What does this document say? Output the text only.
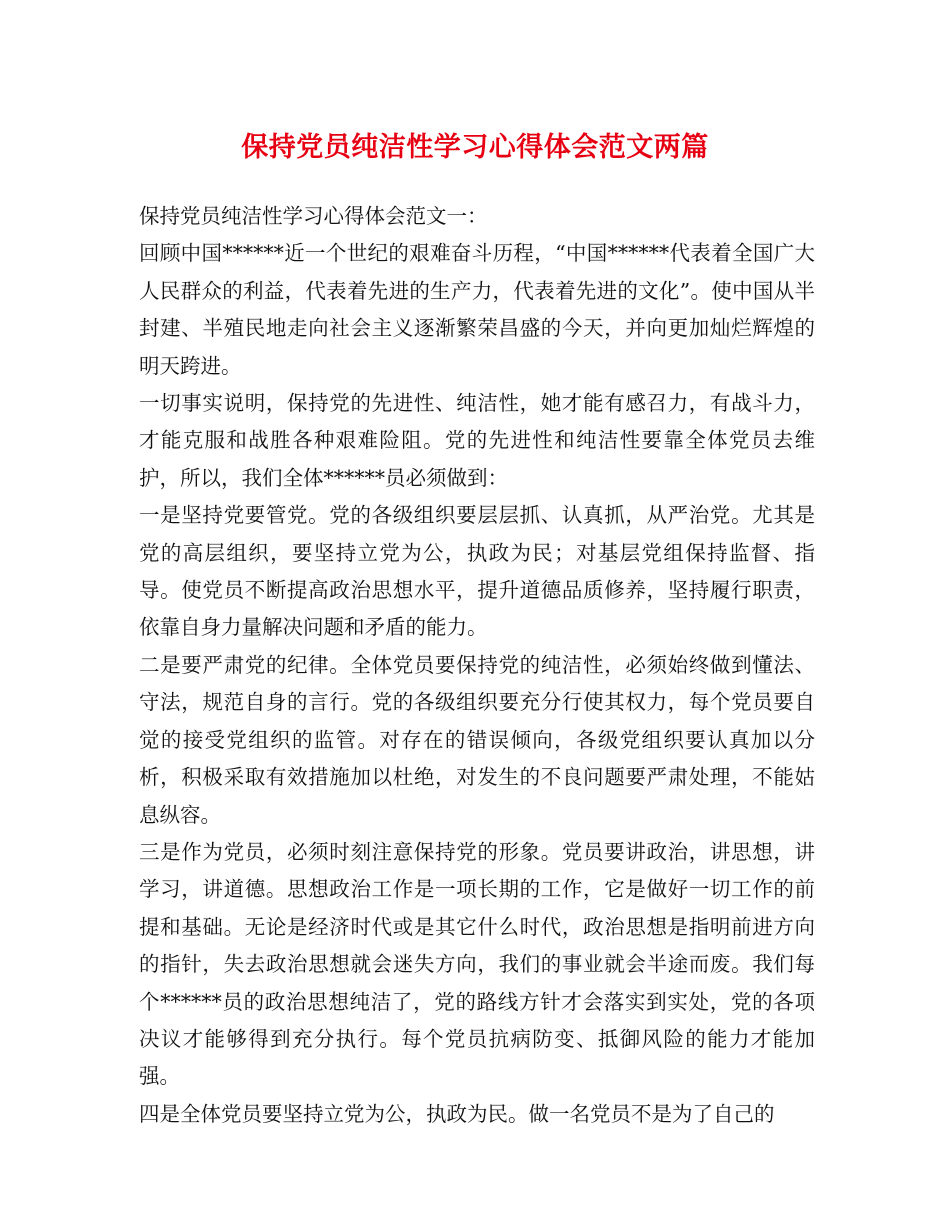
保持党员纯洁性学习心得体会范文两篇

保持党员纯洁性学习心得体会范文一：

回顾中国******近一个世纪的艰难奋斗历程，“中国******代表着全国广大人民群众的利益，代表着先进的生产力，代表着先进的文化”。使中国从半封建、半殖民地走向社会主义逐渐繁荣昌盛的今天，并向更加灿烂辉煌的明天跨进。

一切事实说明，保持党的先进性、纯洁性，她才能有感召力，有战斗力，才能克服和战胜各种艰难险阻。党的先进性和纯洁性要靠全体党员去维护，所以，我们全体******员必须做到：

一是坚持党要管党。党的各级组织要层层抓、认真抓，从严治党。尤其是党的高层组织，要坚持立党为公，执政为民；对基层党组保持监督、指导。使党员不断提高政治思想水平，提升道德品质修养，坚持履行职责，依靠自身力量解决问题和矛盾的能力。

二是要严肃党的纪律。全体党员要保持党的纯洁性，必须始终做到懂法、守法，规范自身的言行。党的各级组织要充分行使其权力，每个党员要自觉的接受党组织的监管。对存在的错误倾向，各级党组织要认真加以分析，积极采取有效措施加以杜绝，对发生的不良问题要严肃处理，不能姑息纵容。

三是作为党员，必须时刻注意保持党的形象。党员要讲政治，讲思想，讲学习，讲道德。思想政治工作是一项长期的工作，它是做好一切工作的前提和基础。无论是经济时代或是其它什么时代，政治思想是指明前进方向的指针，失去政治思想就会迷失方向，我们的事业就会半途而废。我们每个******员的政治思想纯洁了，党的路线方针才会落实到实处，党的各项决议才能够得到充分执行。每个党员抗病防变、抵御风险的能力才能加强。

四是全体党员要坚持立党为公，执政为民。做一名党员不是为了自己的
